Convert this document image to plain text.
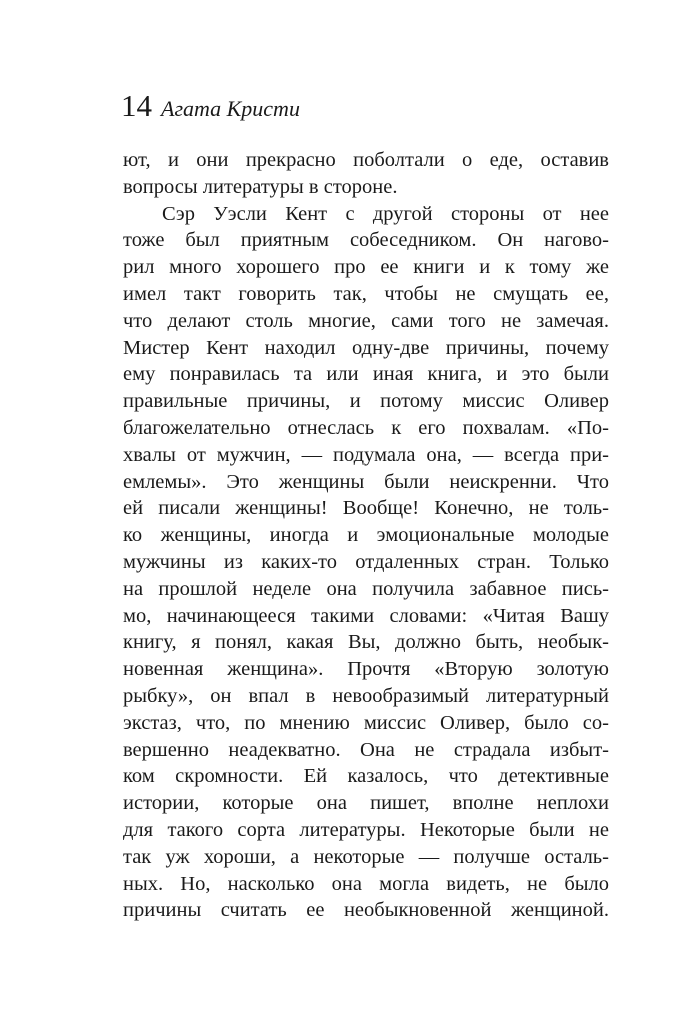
14 Агата Кристи
ют, и они прекрасно поболтали о еде, оставив
вопросы литературы в стороне.
Сэр Уэсли Кент с другой стороны от нее
тоже был приятным собеседником. Он нагово-
рил много хорошего про ее книги и к тому же
имел такт говорить так, чтобы не смущать ее,
что делают столь многие, сами того не замечая.
Мистер Кент находил одну-две причины, почему
ему понравилась та или иная книга, и это были
правильные причины, и потому миссис Оливер
благожелательно отнеслась к его похвалам. «По-
хвалы от мужчин, — подумала она, — всегда при-
емлемы». Это женщины были неискренни. Что
ей писали женщины! Вообще! Конечно, не толь-
ко женщины, иногда и эмоциональные молодые
мужчины из каких-то отдаленных стран. Только
на прошлой неделе она получила забавное пись-
мо, начинающееся такими словами: «Читая Вашу
книгу, я понял, какая Вы, должно быть, необык-
новенная женщина». Прочтя «Вторую золотую
рыбку», он впал в невообразимый литературный
экстаз, что, по мнению миссис Оливер, было со-
вершенно неадекватно. Она не страдала избыт-
ком скромности. Ей казалось, что детективные
истории, которые она пишет, вполне неплохи
для такого сорта литературы. Некоторые были не
так уж хороши, а некоторые — получше осталь-
ных. Но, насколько она могла видеть, не было
причины считать ее необыкновенной женщиной.
